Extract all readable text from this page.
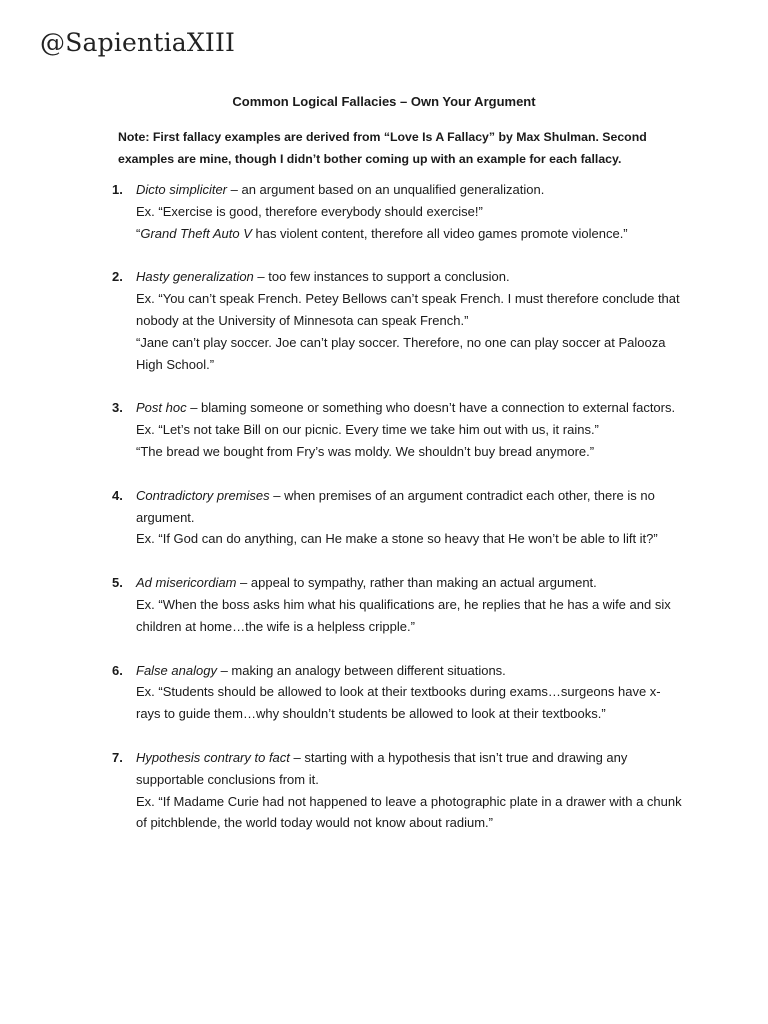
@SapientiaXIII
Common Logical Fallacies – Own Your Argument
Note: First fallacy examples are derived from “Love Is A Fallacy” by Max Shulman. Second examples are mine, though I didn’t bother coming up with an example for each fallacy.
1. Dicto simpliciter – an argument based on an unqualified generalization.
Ex. “Exercise is good, therefore everybody should exercise!”
“Grand Theft Auto V has violent content, therefore all video games promote violence.”
2. Hasty generalization – too few instances to support a conclusion.
Ex. “You can’t speak French. Petey Bellows can’t speak French. I must therefore conclude that nobody at the University of Minnesota can speak French.”
“Jane can’t play soccer. Joe can’t play soccer. Therefore, no one can play soccer at Palooza High School.”
3. Post hoc – blaming someone or something who doesn’t have a connection to external factors.
Ex. “Let’s not take Bill on our picnic. Every time we take him out with us, it rains.”
“The bread we bought from Fry’s was moldy. We shouldn’t buy bread anymore.”
4. Contradictory premises – when premises of an argument contradict each other, there is no argument.
Ex. “If God can do anything, can He make a stone so heavy that He won’t be able to lift it?”
5. Ad misericordiam – appeal to sympathy, rather than making an actual argument.
Ex. “When the boss asks him what his qualifications are, he replies that he has a wife and six children at home…the wife is a helpless cripple.”
6. False analogy – making an analogy between different situations.
Ex. “Students should be allowed to look at their textbooks during exams…surgeons have x-rays to guide them…why shouldn’t students be allowed to look at their textbooks.”
7. Hypothesis contrary to fact – starting with a hypothesis that isn’t true and drawing any supportable conclusions from it.
Ex. “If Madame Curie had not happened to leave a photographic plate in a drawer with a chunk of pitchblende, the world today would not know about radium.”
